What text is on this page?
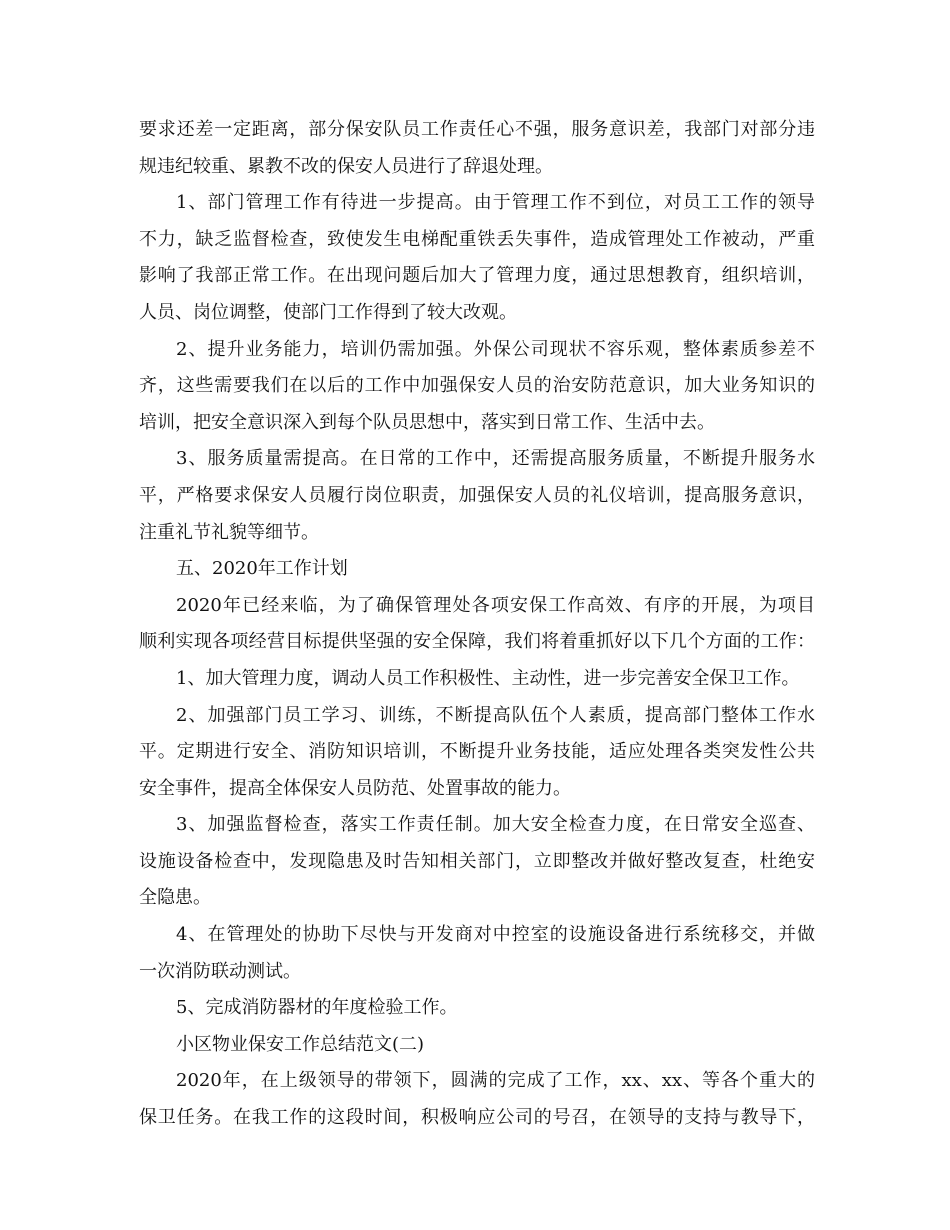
要求还差一定距离，部分保安队员工作责任心不强，服务意识差，我部门对部分违
规违纪较重、累教不改的保安人员进行了辞退处理。
1、部门管理工作有待进一步提高。由于管理工作不到位，对员工工作的领导
不力，缺乏监督检查，致使发生电梯配重铁丢失事件，造成管理处工作被动，严重
影响了我部正常工作。在出现问题后加大了管理力度，通过思想教育，组织培训，
人员、岗位调整，使部门工作得到了较大改观。
2、提升业务能力，培训仍需加强。外保公司现状不容乐观，整体素质参差不
齐，这些需要我们在以后的工作中加强保安人员的治安防范意识，加大业务知识的
培训，把安全意识深入到每个队员思想中，落实到日常工作、生活中去。
3、服务质量需提高。在日常的工作中，还需提高服务质量，不断提升服务水
平，严格要求保安人员履行岗位职责，加强保安人员的礼仪培训，提高服务意识，
注重礼节礼貌等细节。
五、2020年工作计划
2020年已经来临，为了确保管理处各项安保工作高效、有序的开展，为项目
顺利实现各项经营目标提供坚强的安全保障，我们将着重抓好以下几个方面的工作：
1、加大管理力度，调动人员工作积极性、主动性，进一步完善安全保卫工作。
2、加强部门员工学习、训练，不断提高队伍个人素质，提高部门整体工作水
平。定期进行安全、消防知识培训，不断提升业务技能，适应处理各类突发性公共
安全事件，提高全体保安人员防范、处置事故的能力。
3、加强监督检查，落实工作责任制。加大安全检查力度，在日常安全巡查、
设施设备检查中，发现隐患及时告知相关部门，立即整改并做好整改复查，杜绝安
全隐患。
4、在管理处的协助下尽快与开发商对中控室的设施设备进行系统移交，并做
一次消防联动测试。
5、完成消防器材的年度检验工作。
小区物业保安工作总结范文(二)
2020年，在上级领导的带领下，圆满的完成了工作，xx、xx、等各个重大的
保卫任务。在我工作的这段时间，积极响应公司的号召，在领导的支持与教导下，
